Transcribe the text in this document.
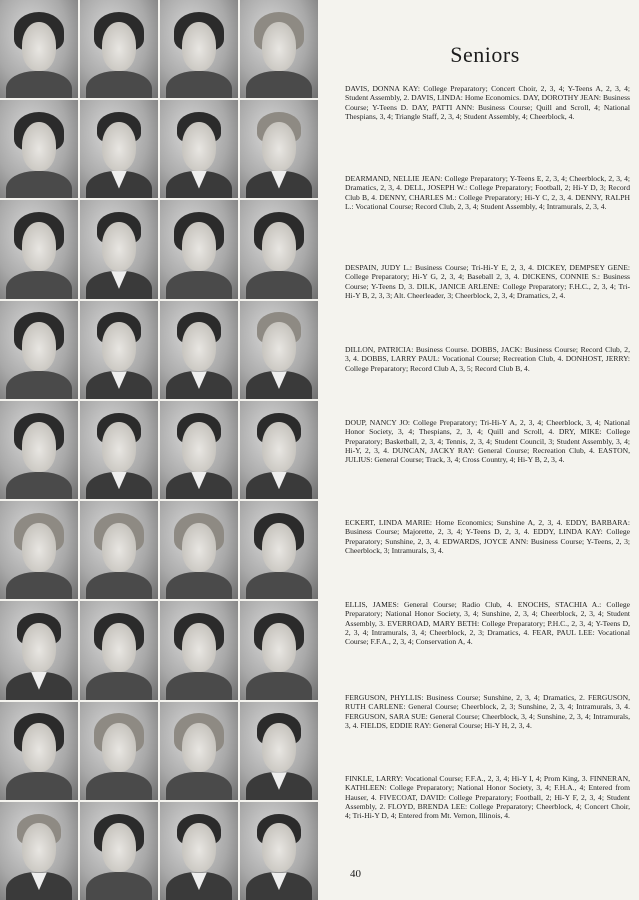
Seniors
DAVIS, DONNA KAY: College Preparatory; Concert Choir, 2, 3, 4; Y-Teens A, 2, 3, 4; Student Assembly, 2. DAVIS, LINDA: Home Economics. DAY, DOROTHY JEAN: Business Course; Y-Teens D. DAY, PATTI ANN: Business Course; Quill and Scroll, 4; National Thespians, 3, 4; Triangle Staff, 2, 3, 4; Student Assembly, 4; Cheerblock, 4.
DEARMAND, NELLIE JEAN: College Preparatory; Y-Teens E, 2, 3, 4; Cheerblock, 2, 3, 4; Dramatics, 2, 3, 4. DELL, JOSEPH W.: College Preparatory; Football, 2; Hi-Y D, 3; Record Club B, 4. DENNY, CHARLES M.: College Preparatory; Hi-Y C, 2, 3, 4. DENNY, RALPH L.: Vocational Course; Record Club, 2, 3, 4; Student Assembly, 4; Intramurals, 2, 3, 4.
DESPAIN, JUDY L.: Business Course; Tri-Hi-Y E, 2, 3, 4. DICKEY, DEMPSEY GENE: College Preparatory; Hi-Y G, 2, 3, 4; Baseball 2, 3, 4. DICKENS, CONNIE S.: Business Course; Y-Teens D, 3. DILK, JANICE ARLENE: College Preparatory; F.H.C., 2, 3, 4; Tri-Hi-Y B, 2, 3, 3; Alt. Cheerleader, 3; Cheerblock, 2, 3, 4; Dramatics, 2, 4.
DILLON, PATRICIA: Business Course. DOBBS, JACK: Business Course; Record Club, 2, 3, 4. DOBBS, LARRY PAUL: Vocational Course; Recreation Club, 4. DONHOST, JERRY: College Preparatory; Record Club A, 3, 5; Record Club B, 4.
DOUP, NANCY JO: College Preparatory; Tri-Hi-Y A, 2, 3, 4; Cheerblock, 3, 4; National Honor Society, 3, 4; Thespians, 2, 3, 4; Quill and Scroll, 4. DRY, MIKE: College Preparatory; Basketball, 2, 3, 4; Tennis, 2, 3, 4; Student Council, 3; Student Assembly, 3, 4; Hi-Y, 2, 3, 4. DUNCAN, JACKY RAY: General Course; Recreation Club, 4. EASTON, JULIUS: General Course; Track, 3, 4; Cross Country, 4; Hi-Y B, 2, 3, 4.
ECKERT, LINDA MARIE: Home Economics; Sunshine A, 2, 3, 4. EDDY, BARBARA: Business Course; Majorette, 2, 3, 4; Y-Teens D, 2, 3, 4. EDDY, LINDA KAY: College Preparatory; Sunshine, 2, 3, 4. EDWARDS, JOYCE ANN: Business Course; Y-Teens, 2, 3; Cheerblock, 3; Intramurals, 3, 4.
ELLIS, JAMES: General Course; Radio Club, 4. ENOCHS, STACHIA A.: College Preparatory; National Honor Society, 3, 4; Sunshine, 2, 3, 4; Cheerblock, 2, 3, 4; Student Assembly, 3. EVERROAD, MARY BETH: College Preparatory; P.H.C., 2, 3, 4; Y-Teens D, 2, 3, 4; Intramurals, 3, 4; Cheerblock, 2, 3; Dramatics, 4. FEAR, PAUL LEE: Vocational Course; F.F.A., 2, 3, 4; Conservation A, 4.
FERGUSON, PHYLLIS: Business Course; Sunshine, 2, 3, 4; Dramatics, 2. FERGUSON, RUTH CARLENE: General Course; Cheerblock, 2, 3; Sunshine, 2, 3, 4; Intramurals, 3, 4. FERGUSON, SARA SUE: General Course; Cheerblock, 3, 4; Sunshine, 2, 3, 4; Intramurals, 3, 4. FIELDS, EDDIE RAY: General Course; Hi-Y H, 2, 3, 4.
FINKLE, LARRY: Vocational Course; F.F.A., 2, 3, 4; Hi-Y I, 4; Prom King, 3. FINNERAN, KATHLEEN: College Preparatory; National Honor Society, 3, 4; F.H.A., 4; Entered from Hauser, 4. FIVECOAT, DAVID: College Preparatory; Football, 2; Hi-Y F, 2, 3, 4; Student Assembly, 2. FLOYD, BRENDA LEE: College Preparatory; Cheerblock, 4; Concert Choir, 4; Tri-Hi-Y D, 4; Entered from Mt. Vernon, Illinois, 4.
40
